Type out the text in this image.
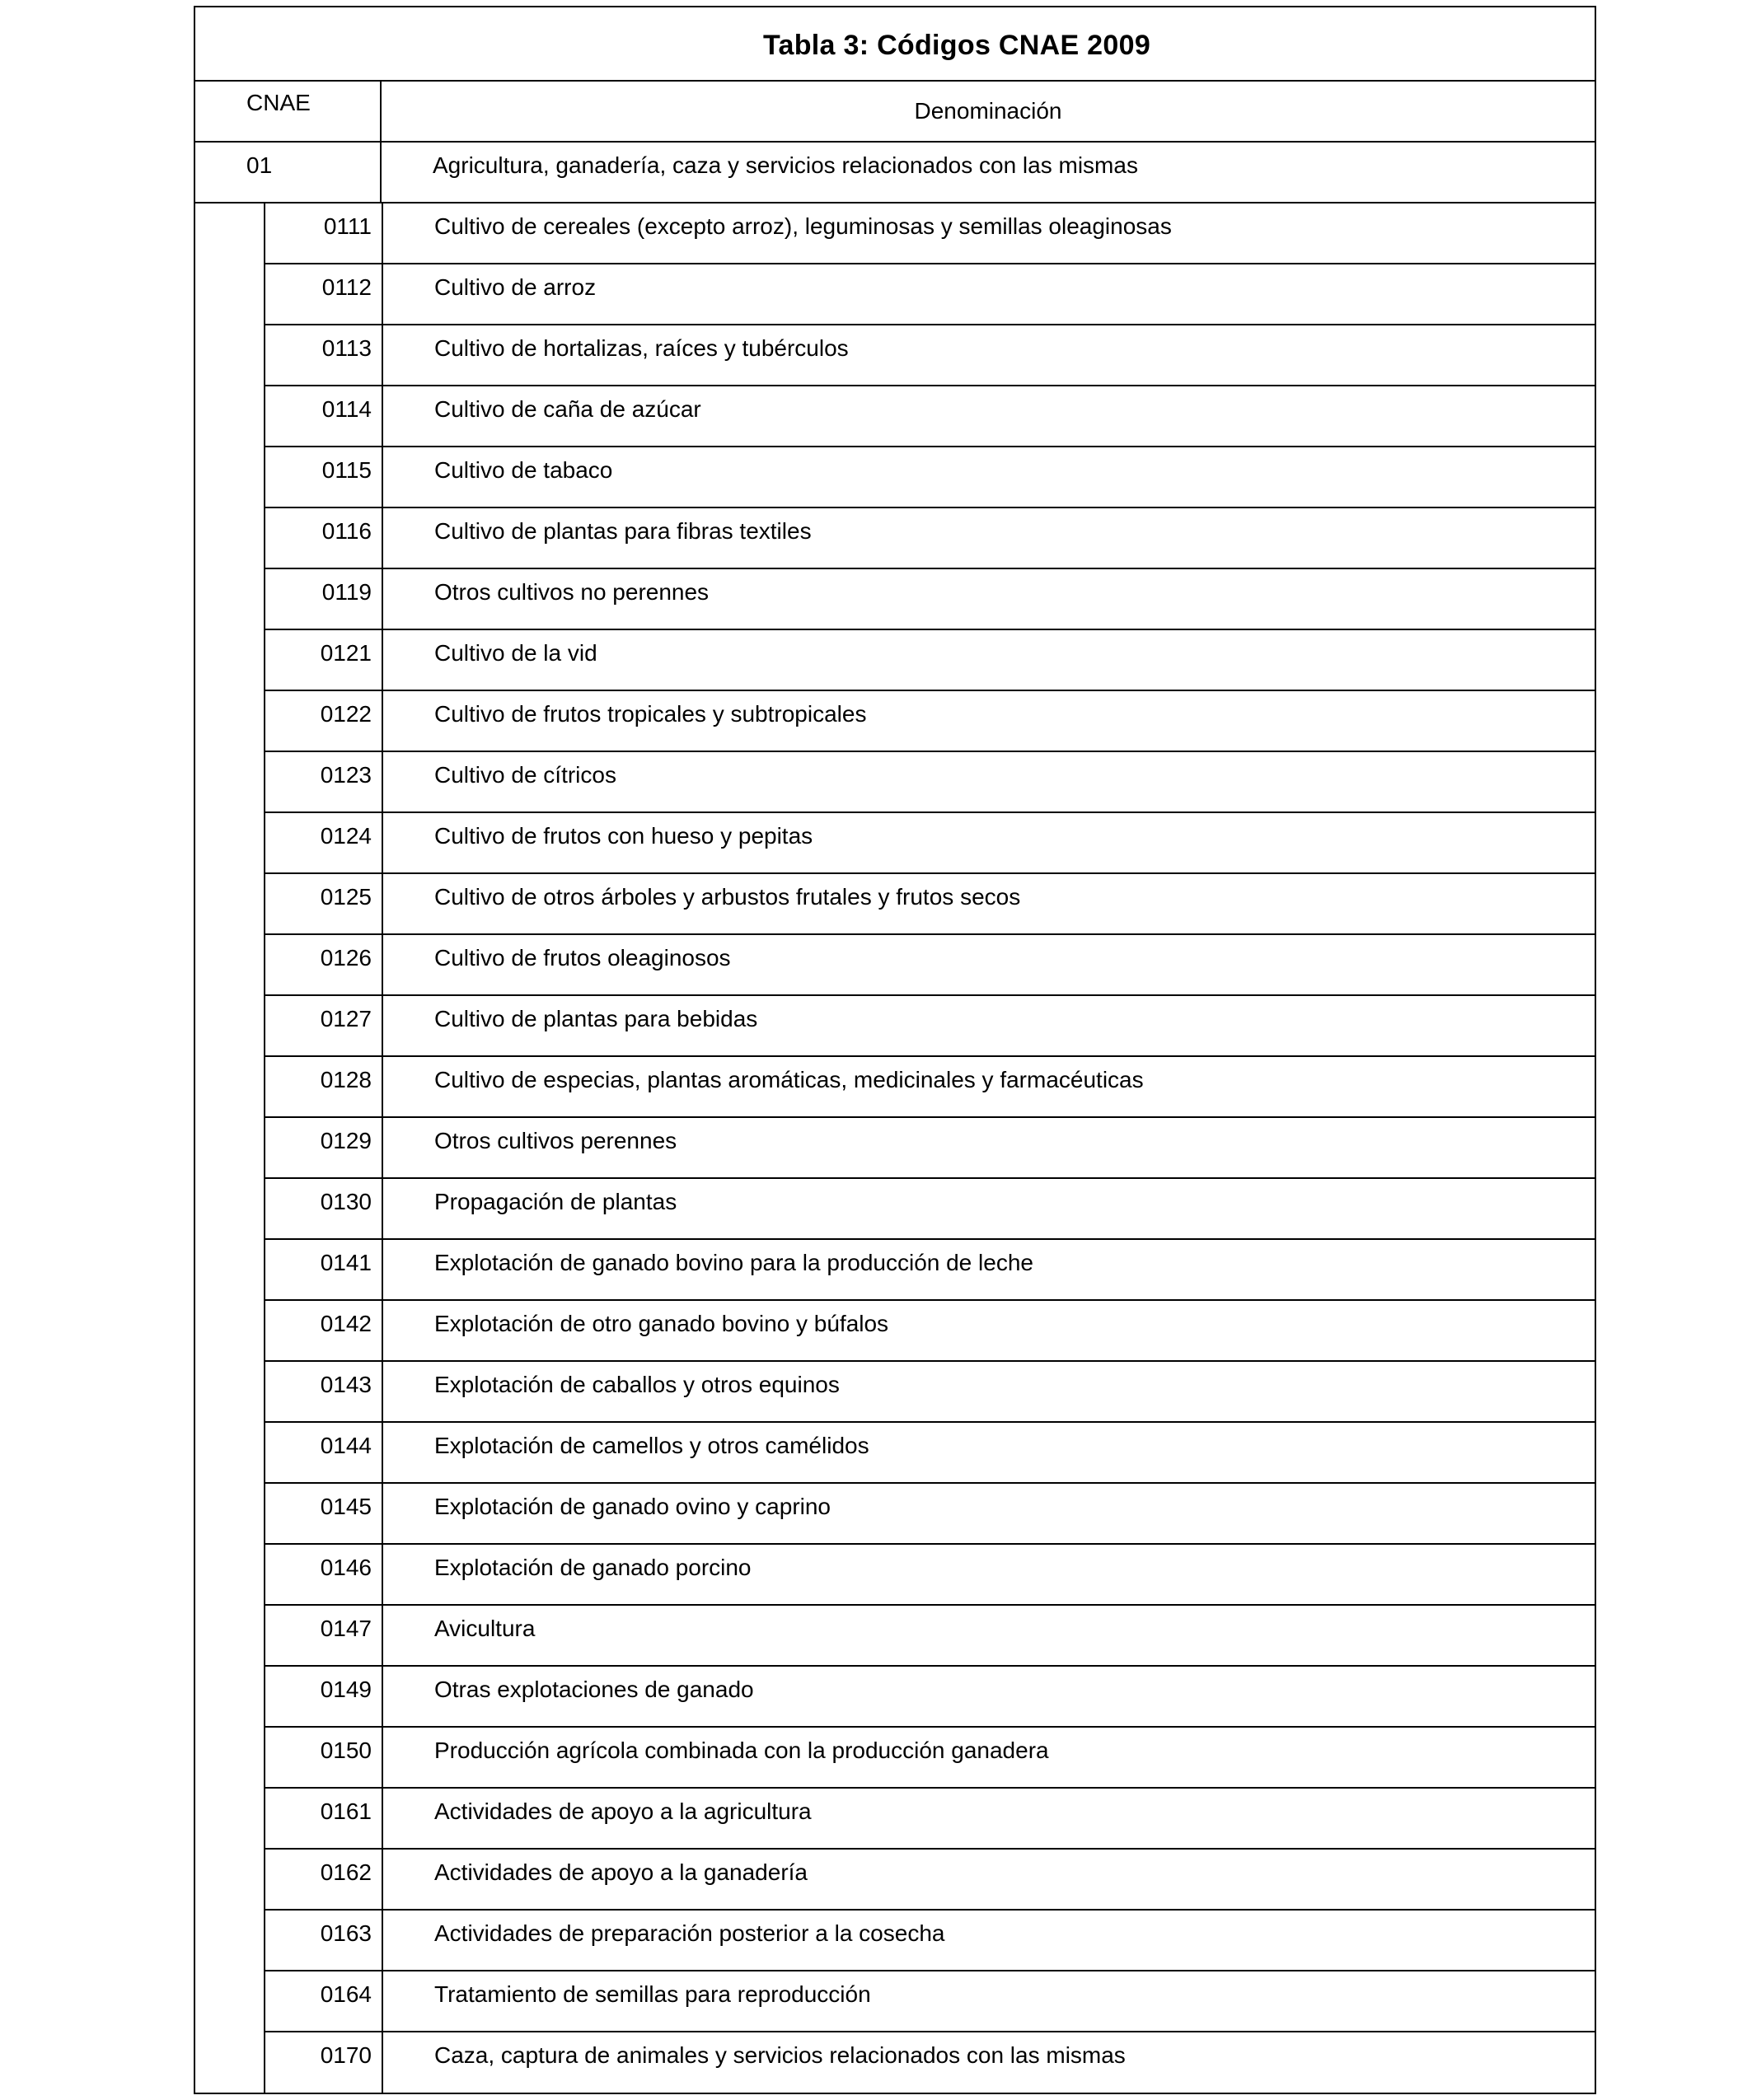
Tabla 3: Códigos CNAE 2009
CNAE	Denominación
01	Agricultura, ganadería, caza y servicios relacionados con las mismas
0111	Cultivo de cereales (excepto arroz), leguminosas y semillas oleaginosas
0112	Cultivo de arroz
0113	Cultivo de hortalizas, raíces y tubérculos
0114	Cultivo de caña de azúcar
0115	Cultivo de tabaco
0116	Cultivo de plantas para fibras textiles
0119	Otros cultivos no perennes
0121	Cultivo de la vid
0122	Cultivo de frutos tropicales y subtropicales
0123	Cultivo de cítricos
0124	Cultivo de frutos con hueso y pepitas
0125	Cultivo de otros árboles y arbustos frutales y frutos secos
0126	Cultivo de frutos oleaginosos
0127	Cultivo de plantas para bebidas
0128	Cultivo de especias, plantas aromáticas, medicinales y farmacéuticas
0129	Otros cultivos perennes
0130	Propagación de plantas
0141	Explotación de ganado bovino para la producción de leche
0142	Explotación de otro ganado bovino y búfalos
0143	Explotación de caballos y otros equinos
0144	Explotación de camellos y otros camélidos
0145	Explotación de ganado ovino y caprino
0146	Explotación de ganado porcino
0147	Avicultura
0149	Otras explotaciones de ganado
0150	Producción agrícola combinada con la producción ganadera
0161	Actividades de apoyo a la agricultura
0162	Actividades de apoyo a la ganadería
0163	Actividades de preparación posterior a la cosecha
0164	Tratamiento de semillas para reproducción
0170	Caza, captura de animales y servicios relacionados con las mismas
